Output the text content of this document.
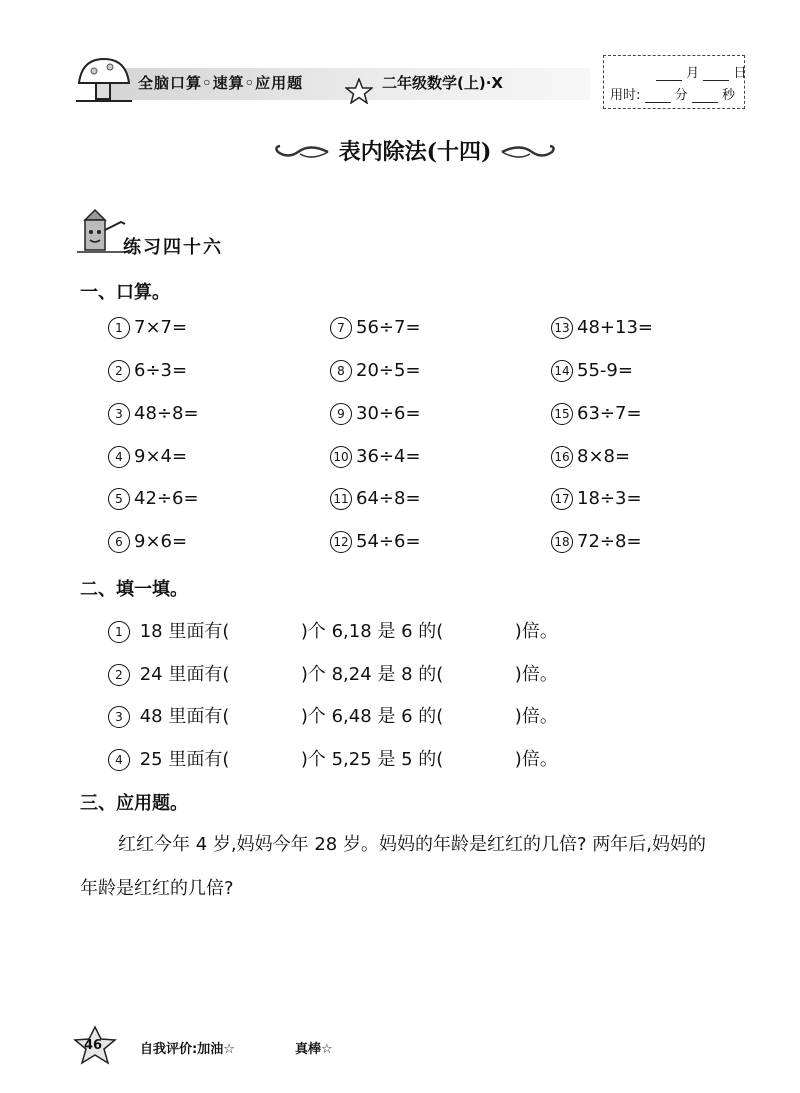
全脑口算◦速算◦应用题	二年级数学(上)·X
月	日
用时:	分	秒
表内除法(十四)
练习四十六
一、口算。
1 7×7=
2 6÷3=
3 48÷8=
4 9×4=
5 42÷6=
6 9×6=
7 56÷7=
8 20÷5=
9 30÷6=
10 36÷4=
11 64÷8=
12 54÷6=
13 48+13=
14 55-9=
15 63÷7=
16 8×8=
17 18÷3=
18 72÷8=
二、填一填。
1 18 里面有(	)个 6,18 是 6 的(	)倍。
2 24 里面有(	)个 8,24 是 8 的(	)倍。
3 48 里面有(	)个 6,48 是 6 的(	)倍。
4 25 里面有(	)个 5,25 是 5 的(	)倍。
三、应用题。
红红今年 4 岁,妈妈今年 28 岁。妈妈的年龄是红红的几倍? 两年后,妈妈的
年龄是红红的几倍?
46	自我评价:加油☆	真棒☆
